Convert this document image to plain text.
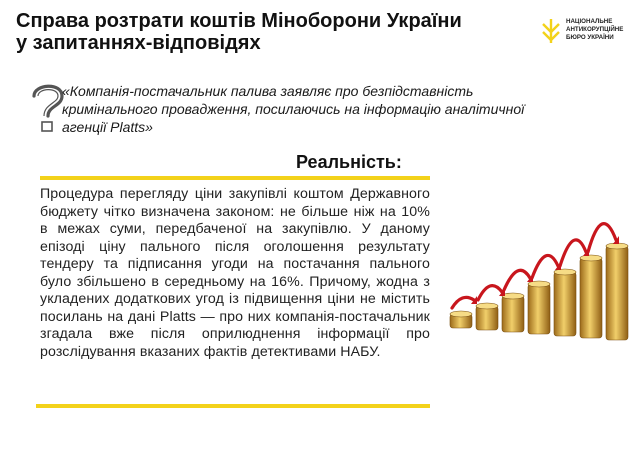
Справа розтрати коштів Міноборони України
у запитаннях-відповідях
НАЦІОНАЛЬНЕ
АНТИКОРУПЦІЙНЕ
БЮРО УКРАЇНИ
«Компанія-постачальник палива заявляє про безпідставність
кримінального провадження, посилаючись на інформацію аналітичної
агенції Platts»
Реальність:
Процедура перегляду ціни закупівлі коштом Державного бюджету чітко визначена законом: не більше ніж на 10% в межах суми, передбаченої на закупівлю. У даному епізоді ціну пального після оголошення результату тендеру та підписання угоди на постачання пального було збільшено в середньому на 16%. Причому, жодна з укладених додаткових угод із підвищення ціни не містить посилань на дані Platts — про них компанія-постачальник згадала вже після оприлюднення інформації про розслідування вказаних фактів детективами НАБУ.
